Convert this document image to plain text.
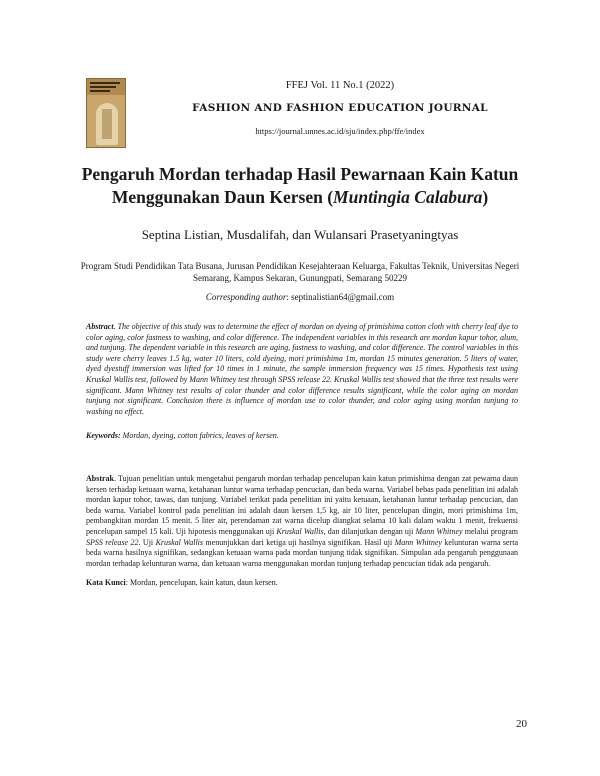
FFEJ Vol. 11 No.1 (2022)
FASHION AND FASHION EDUCATION JOURNAL
https://journal.unnes.ac.id/sju/index.php/ffe/index
Pengaruh Mordan terhadap Hasil Pewarnaan Kain Katun Menggunakan Daun Kersen (Muntingia Calabura)
Septina Listian, Musdalifah, dan Wulansari Prasetyaningtyas
Program Studi Pendidikan Tata Busana, Jurusan Pendidikan Kesejahteraan Keluarga, Fakultas Teknik, Universitas Negeri Semarang, Kampus Sekaran, Gunungpati, Semarang 50229
Corresponding author: septinalistian64@gmail.com
Abstract. The objective of this study was to determine the effect of mordan on dyeing of primishima cotton cloth with cherry leaf dye to color aging, color fastness to washing, and color difference. The independent variables in this research are mordan kapur tohor, alum, and tunjung. The dependent variable in this research are aging, fastness to washing, and color difference. The control variables in this study were cherry leaves 1.5 kg, water 10 liters, cold dyeing, mori primishima 1m, mordan 15 minutes generation. 5 liters of water, dyed dyestuff immersion was lifted for 10 times in 1 minute, the sample immersion frequency was 15 times. Hypothesis test using Kruskal Wallis test, followed by Mann Whitney test through SPSS release 22. Kruskal Wallis test showed that the three test results were significant. Mann Whitney test results of color thunder and color difference results significant, while the color aging on mordan tunjung not significant. Conclusion there is influence of mordan use to color thunder, and color aging using mordan tunjung to washing no effect.
Keywords: Mordan, dyeing, cotton fabrics, leaves of kersen.
Abstrak. Tujuan penelitian untuk mengetahui pengaruh mordan terhadap pencelupan kain katun primishima dengan zat pewarna daun kersen terhadap ketuaan warna, ketahanan luntur warna terhadap pencucian, dan beda warna. Variabel bebas pada penelitian ini adalah mordan kapur tohor, tawas, dan tunjung. Variabel terikat pada penelitian ini yaitu ketuaan, ketahanan luntur terhadap pencucian, dan beda warna. Variabel kontrol pada penelitian ini adalah daun kersen 1,5 kg, air 10 liter, pencelupan dingin, mori primishima 1m, pembangkitan mordan 15 menit. 5 liter air, perendaman zat warna dicelup diangkat selama 10 kali dalam waktu 1 menit, frekuensi pencelupan sampel 15 kali. Uji hipotesis menggunakan uji Kruskal Wallis, dan dilanjutkan dengan uji Mann Whitney melalui program SPSS release 22. Uji Kruskal Wallis menunjukkan dari ketiga uji hasilnya signifikan. Hasil uji Mann Whitney kelunturan warna serta beda warna hasilnya signifikan, sedangkan ketuaan warna pada mordan tunjung tidak signifikan. Simpulan ada pengaruh penggunaan mordan terhadap kelunturan warna, dan ketuaan warna menggunakan mordan tunjung terhadap pencucian tidak ada pengaruh.
Kata Kunci: Mordan, pencelupan, kain katun, daun kersen.
20
